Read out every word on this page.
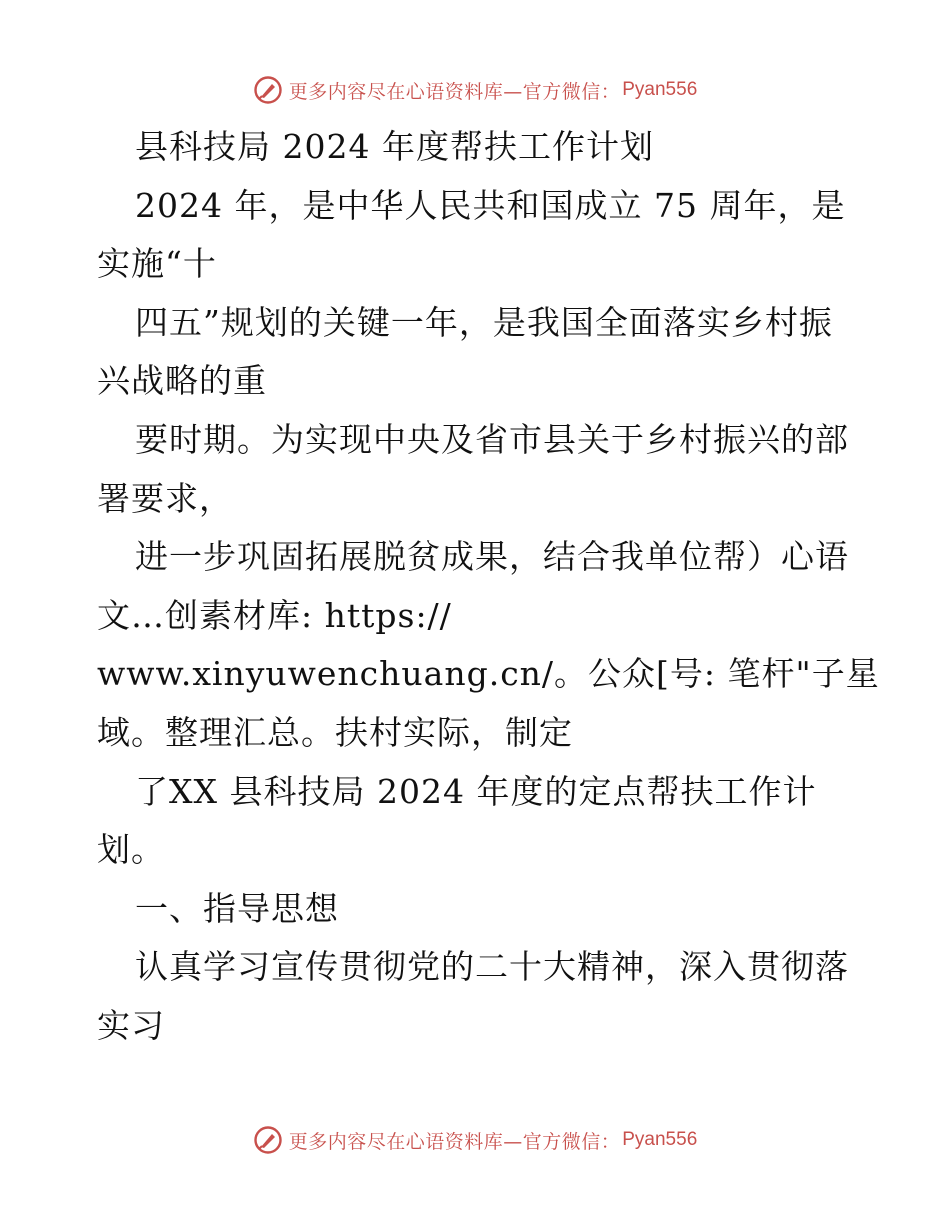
更多内容尽在心语资料库—官方微信： Pyan556
县科技局 2024 年度帮扶工作计划
2024 年，是中华人民共和国成立 75 周年，是
实施“十
四五”规划的关键一年，是我国全面落实乡村振
兴战略的重
要时期。为实现中央及省市县关于乡村振兴的部
署要求，
进一步巩固拓展脱贫成果，结合我单位帮）心语
文…创素材库: https://
www.xinyuwenchuang.cn/。公众[号: 笔杆"子星
域。整理汇总。扶村实际，制定
了XX 县科技局 2024 年度的定点帮扶工作计
划。
一、指导思想
认真学习宣传贯彻党的二十大精神，深入贯彻落
实习
更多内容尽在心语资料库—官方微信： Pyan556
